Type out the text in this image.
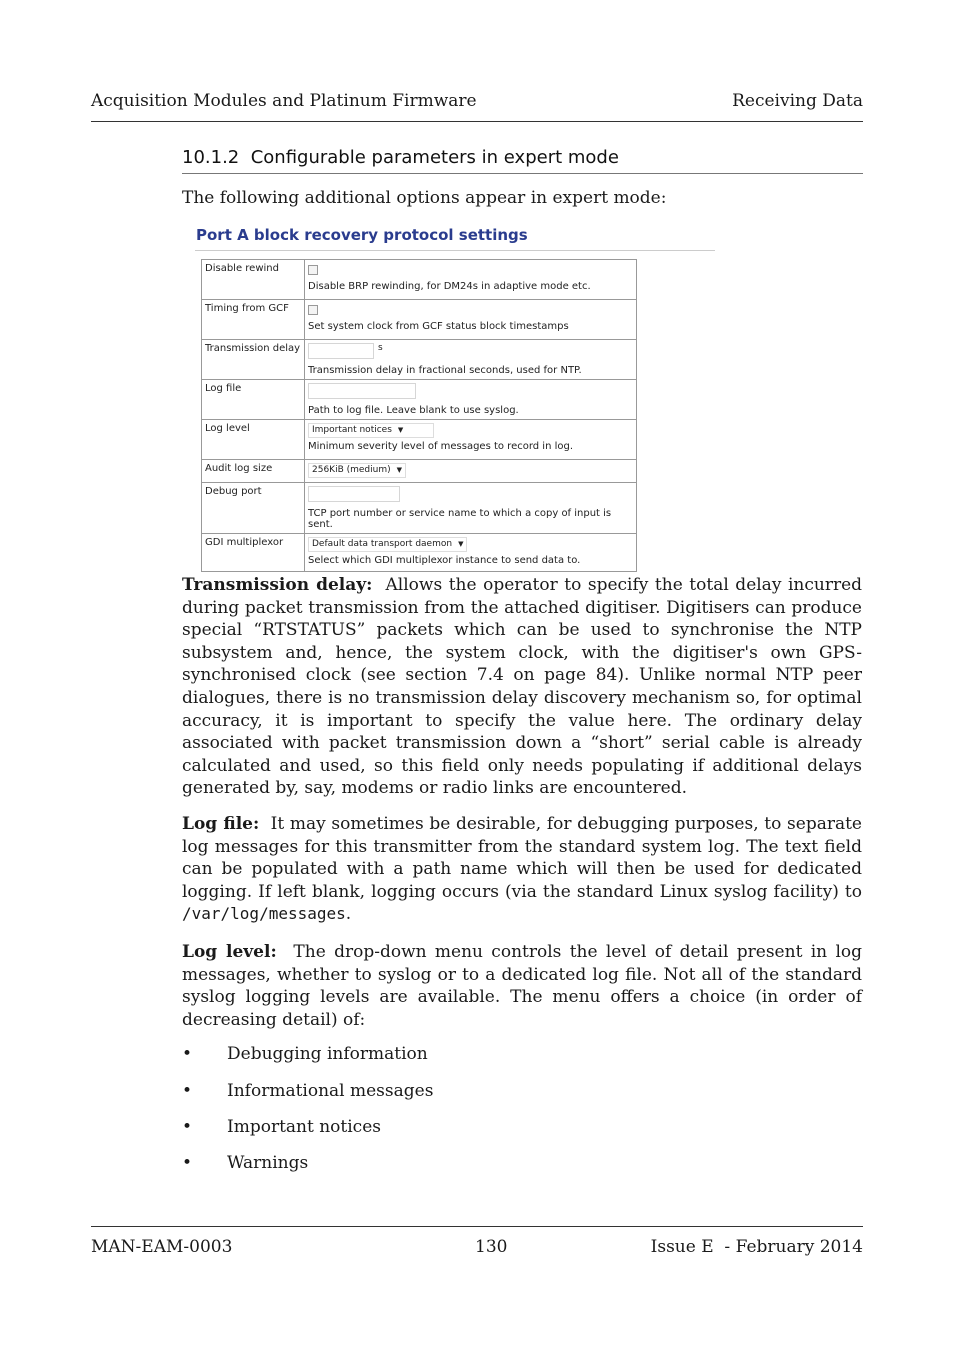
Acquisition Modules and Platinum Firmware	Receiving Data
10.1.2 Configurable parameters in expert mode
The following additional options appear in expert mode:
Port A block recovery protocol settings
Disable rewind	Disable BRP rewinding, for DM24s in adaptive mode etc.

Timing from GCF	Set system clock from GCF status block timestamps

Transmission delay	s
Transmission delay in fractional seconds, used for NTP.

Log file	Path to log file. Leave blank to use syslog.

Log level	Important notices ▼
Minimum severity level of messages to record in log.

Audit log size	256KiB (medium) ▼
Debug port	TCP port number or service name to which a copy of input is sent.

GDI multiplexor	Default data transport daemon ▼
Select which GDI multiplexor instance to send data to.

Transmission delay: Allows the operator to specify the total delay incurred during packet transmission from the attached digitiser. Digitisers can produce special “RTSTATUS” packets which can be used to synchronise the NTP subsystem and, hence, the system clock, with the digitiser's own GPS-synchronised clock (see section 7.4 on page 84). Unlike normal NTP peer dialogues, there is no transmission delay discovery mechanism so, for optimal accuracy, it is important to specify the value here. The ordinary delay associated with packet transmission down a “short” serial cable is already calculated and used, so this field only needs populating if additional delays generated by, say, modems or radio links are encountered.

Log file: It may sometimes be desirable, for debugging purposes, to separate log messages for this transmitter from the standard system log. The text field can be populated with a path name which will then be used for dedicated logging. If left blank, logging occurs (via the standard Linux syslog facility) to /var/log/messages.

Log level: The drop-down menu controls the level of detail present in log messages, whether to syslog or to a dedicated log file. Not all of the standard syslog logging levels are available. The menu offers a choice (in order of decreasing detail) of:

• Debugging information
• Informational messages
• Important notices
• Warnings
MAN-EAM-0003	130	Issue E  - February 2014
